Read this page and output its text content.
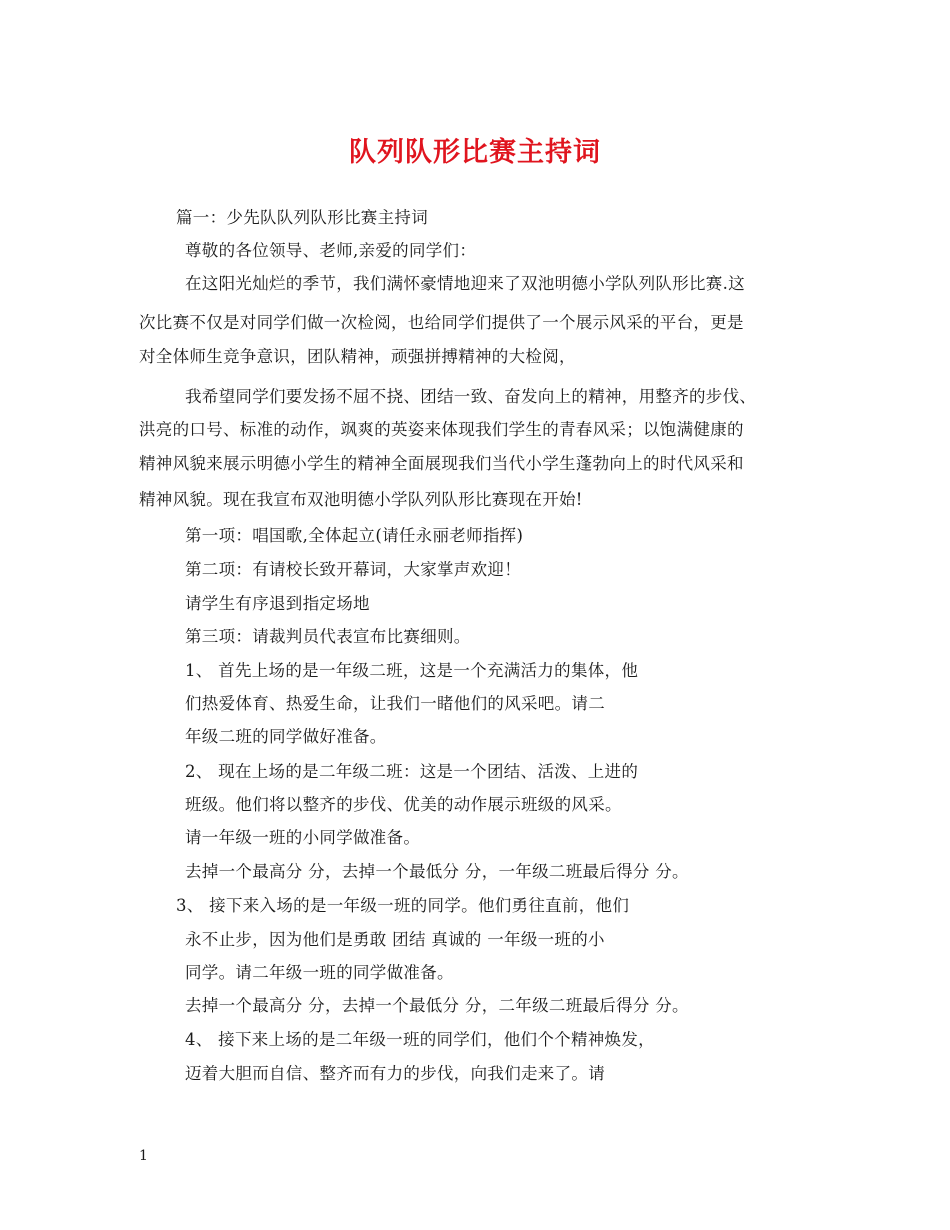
队列队形比赛主持词
篇一：少先队队列队形比赛主持词
尊敬的各位领导、老师,亲爱的同学们：
在这阳光灿烂的季节，我们满怀豪情地迎来了双池明德小学队列队形比赛.这
次比赛不仅是对同学们做一次检阅，也给同学们提供了一个展示风采的平台，更是
对全体师生竞争意识，团队精神，顽强拼搏精神的大检阅，
我希望同学们要发扬不屈不挠、团结一致、奋发向上的精神，用整齐的步伐、
洪亮的口号、标准的动作，飒爽的英姿来体现我们学生的青春风采；以饱满健康的
精神风貌来展示明德小学生的精神全面展现我们当代小学生蓬勃向上的时代风采和
精神风貌。现在我宣布双池明德小学队列队形比赛现在开始!
第一项：唱国歌,全体起立(请任永丽老师指挥)
第二项：有请校长致开幕词，大家掌声欢迎！
请学生有序退到指定场地
第三项：请裁判员代表宣布比赛细则。
1、 首先上场的是一年级二班，这是一个充满活力的集体，他
们热爱体育、热爱生命，让我们一睹他们的风采吧。请二
年级二班的同学做好准备。
2、 现在上场的是二年级二班：这是一个团结、活泼、上进的
班级。他们将以整齐的步伐、优美的动作展示班级的风采。
请一年级一班的小同学做准备。
去掉一个最高分 分，去掉一个最低分 分，一年级二班最后得分 分。
3、 接下来入场的是一年级一班的同学。他们勇往直前，他们
永不止步，因为他们是勇敢 团结 真诚的 一年级一班的小
同学。请二年级一班的同学做准备。
去掉一个最高分 分，去掉一个最低分 分，二年级二班最后得分 分。
4、 接下来上场的是二年级一班的同学们，他们个个精神焕发，
迈着大胆而自信、整齐而有力的步伐，向我们走来了。请
1
